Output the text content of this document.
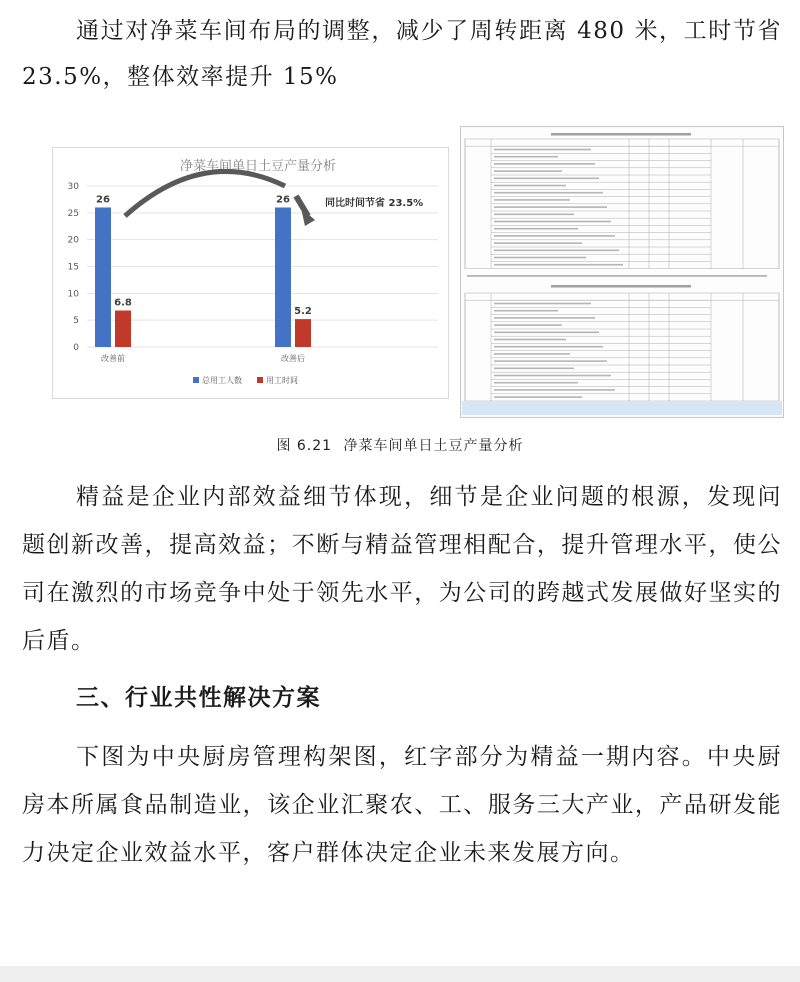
通过对净菜车间布局的调整，减少了周转距离 480 米，工时节省 23.5%，整体效率提升 15%

净菜车间单日土豆产量分析
0
5
10
15
20
25
30
26
6.8
26
5.2
改善前	改善后
同比时间节省 23.5%
总用工人数	用工时间
图 6.21 净菜车间单日土豆产量分析

精益是企业内部效益细节体现，细节是企业问题的根源，发现问题创新改善，提高效益；不断与精益管理相配合，提升管理水平，使公司在激烈的市场竞争中处于领先水平，为公司的跨越式发展做好坚实的后盾。

三、行业共性解决方案

下图为中央厨房管理构架图，红字部分为精益一期内容。中央厨房本所属食品制造业，该企业汇聚农、工、服务三大产业，产品研发能力决定企业效益水平，客户群体决定企业未来发展方向。
